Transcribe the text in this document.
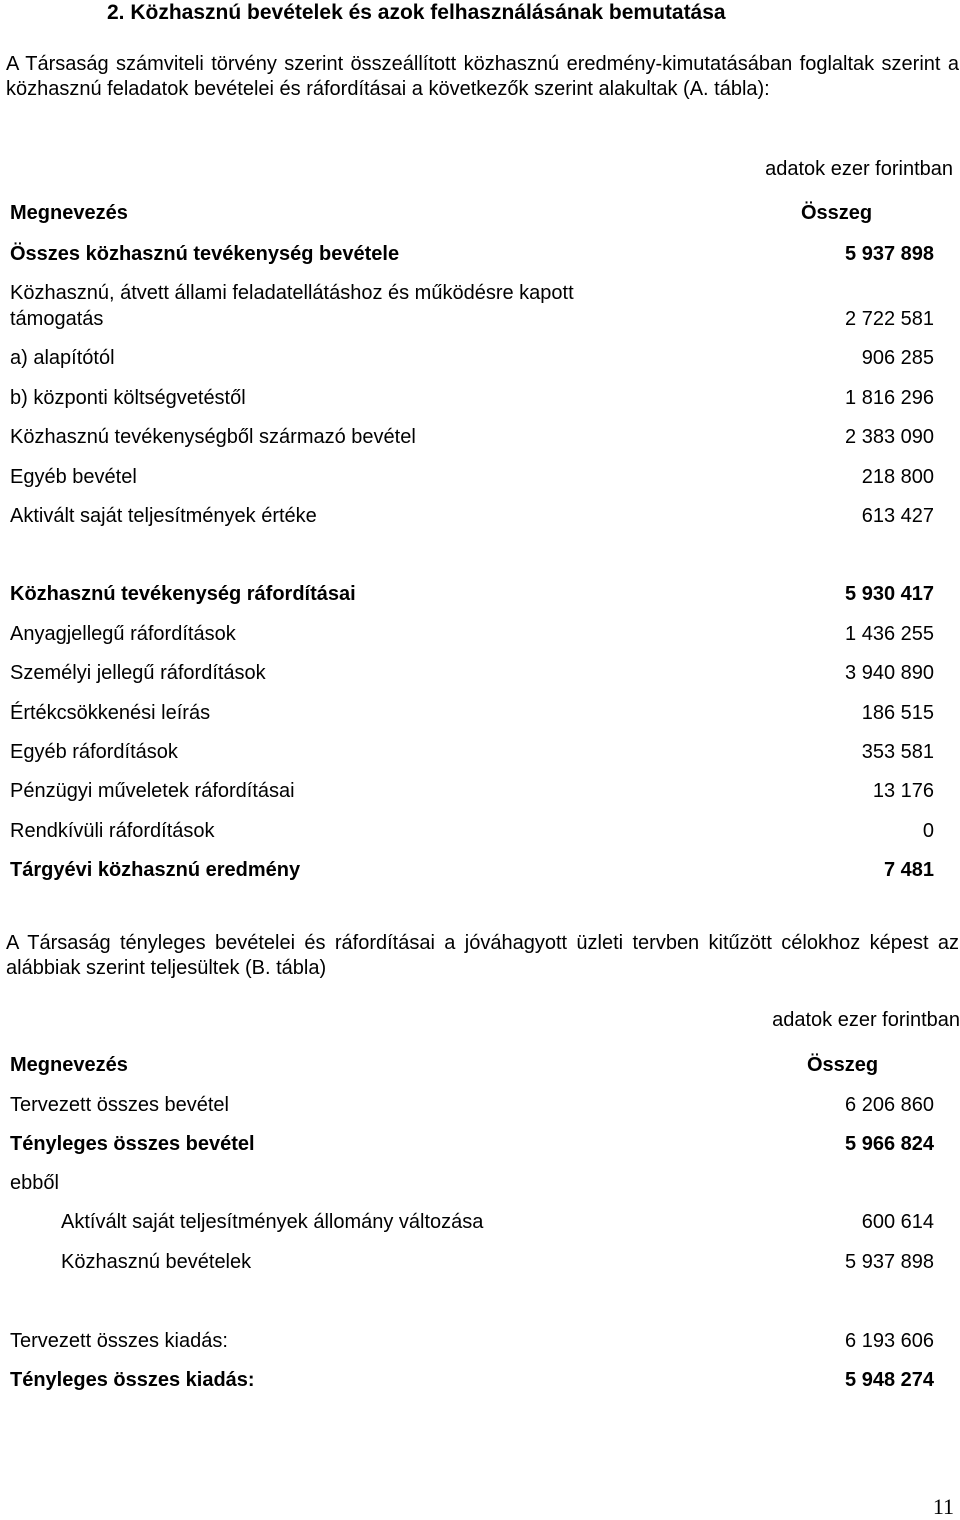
2. Közhasznú bevételek és azok felhasználásának bemutatása
A Társaság számviteli törvény szerint összeállított közhasznú eredmény-kimutatásában foglaltak szerint a közhasznú feladatok bevételei és ráfordításai a következők szerint alakultak (A. tábla):
adatok ezer forintban
Megnevezés	Összeg
Összes közhasznú tevékenység bevétele	5 937 898
Közhasznú, átvett állami feladatellátáshoz és működésre kapott
támogatás	2 722 581
a) alapítótól	906 285
b) központi költségvetéstől	1 816 296
Közhasznú tevékenységből származó bevétel	2 383 090
Egyéb bevétel	218 800
Aktivált saját teljesítmények értéke	613 427
Közhasznú tevékenység ráfordításai	5 930 417
Anyagjellegű ráfordítások	1 436 255
Személyi jellegű ráfordítások	3 940 890
Értékcsökkenési leírás	186 515
Egyéb ráfordítások	353 581
Pénzügyi műveletek ráfordításai	13 176
Rendkívüli ráfordítások	0
Tárgyévi közhasznú eredmény	7 481
A Társaság tényleges bevételei és ráfordításai a jóváhagyott üzleti tervben kitűzött célokhoz képest az alábbiak szerint teljesültek (B. tábla)
adatok ezer forintban
Megnevezés	Összeg
Tervezett összes bevétel	6 206 860
Tényleges összes bevétel	5 966 824
ebből
Aktívált saját teljesítmények állomány változása	600 614
Közhasznú bevételek	5 937 898
Tervezett összes kiadás:	6 193 606
Tényleges összes kiadás:	5 948 274
11
